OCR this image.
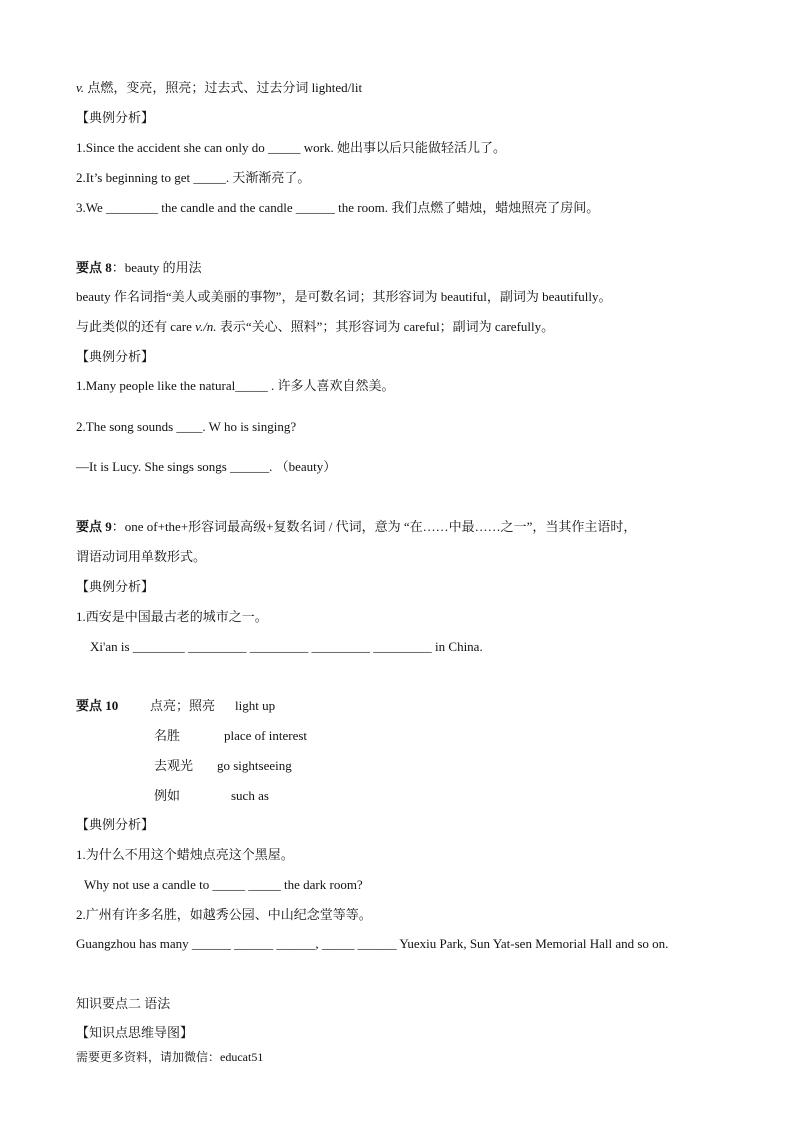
v. 点燃，变亮，照亮；过去式、过去分词 lighted/lit
【典例分析】
1.Since the accident she can only do _____ work. 她出事以后只能做轻活儿了。
2.It’s beginning to get _____. 天渐渐亮了。
3.We ________ the candle and the candle ______ the room. 我们点燃了蜡烛，蜡烛照亮了房间。
要点 8：beauty 的用法
beauty 作名词指“美人或美丽的事物”，是可数名词；其形容词为 beautiful，副词为 beautifully。
与此类似的还有 care v./n. 表示“关心、照料”；其形容词为 careful；副词为 carefully。
【典例分析】
1.Many people like the natural_____ . 许多人喜欢自然美。
2.The song sounds ____. W ho is singing?
—It is Lucy. She sings songs ______. （beauty）
要点 9：one of+the+形容词最高级+复数名词 / 代词，意为 “在……中最……之一”，当其作主语时，
谓语动词用单数形式。
【典例分析】
1.西安是中国最古老的城市之一。
Xi'an is ________ _________ _________ _________ _________ in China.
要点 10 点亮；照亮 light up
名胜	place of interest
去观光 go sightseeing
例如	such as
【典例分析】
1.为什么不用这个蜡烛点亮这个黑屋。
Why not use a candle to _____ _____ the dark room?
2.广州有许多名胜，如越秀公园、中山纪念堂等等。
Guangzhou has many ______ ______ ______, _____ ______ Yuexiu Park, Sun Yat-sen Memorial Hall and so on.
知识要点二 语法
【知识点思维导图】
需要更多资料，请加微信：educat51
